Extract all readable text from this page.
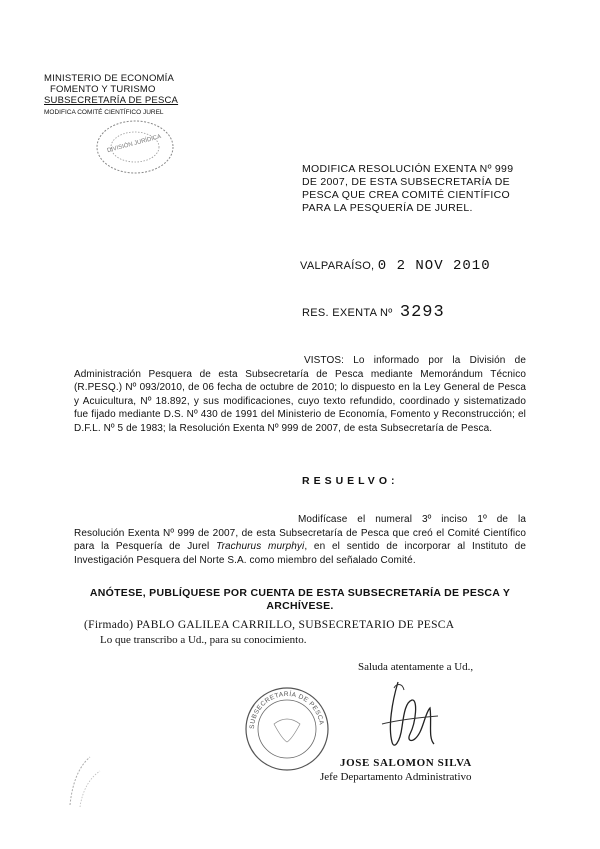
MINISTERIO DE ECONOMÍA
FOMENTO Y TURISMO
SUBSECRETARÍA DE PESCA
MODIFICA COMITÉ CIENTÍFICO JUREL
DIVISIÓN JURÍDICA
MODIFICA RESOLUCIÓN EXENTA Nº 999 DE 2007, DE ESTA SUBSECRETARÍA DE PESCA QUE CREA COMITÉ CIENTÍFICO PARA LA PESQUERÍA DE JUREL.
VALPARAÍSO, 0 2 NOV 2010
RES. EXENTA Nº 3293
VISTOS: Lo informado por la División de Administración Pesquera de esta Subsecretaría de Pesca mediante Memorándum Técnico (R.PESQ.) Nº 093/2010, de 06 fecha de octubre de 2010; lo dispuesto en la Ley General de Pesca y Acuicultura, Nº 18.892, y sus modificaciones, cuyo texto refundido, coordinado y sistematizado fue fijado mediante D.S. Nº 430 de 1991 del Ministerio de Economía, Fomento y Reconstrucción; el D.F.L. Nº 5 de 1983; la Resolución Exenta Nº 999 de 2007, de esta Subsecretaría de Pesca.
RESUELVO:
Modifícase el numeral 3º inciso 1º de la Resolución Exenta Nº 999 de 2007, de esta Subsecretaría de Pesca que creó el Comité Científico para la Pesquería de Jurel Trachurus murphyi, en el sentido de incorporar al Instituto de Investigación Pesquera del Norte S.A. como miembro del señalado Comité.
ANÓTESE, PUBLÍQUESE POR CUENTA DE ESTA SUBSECRETARÍA DE PESCA Y ARCHÍVESE.
(Firmado) PABLO GALILEA CARRILLO, SUBSECRETARIO DE PESCA
Lo que transcribo a Ud., para su conocimiento.
Saluda atentamente a Ud.,
SUBSECRETARÍA DE PESCA
JOSE SALOMON SILVA
Jefe Departamento Administrativo
